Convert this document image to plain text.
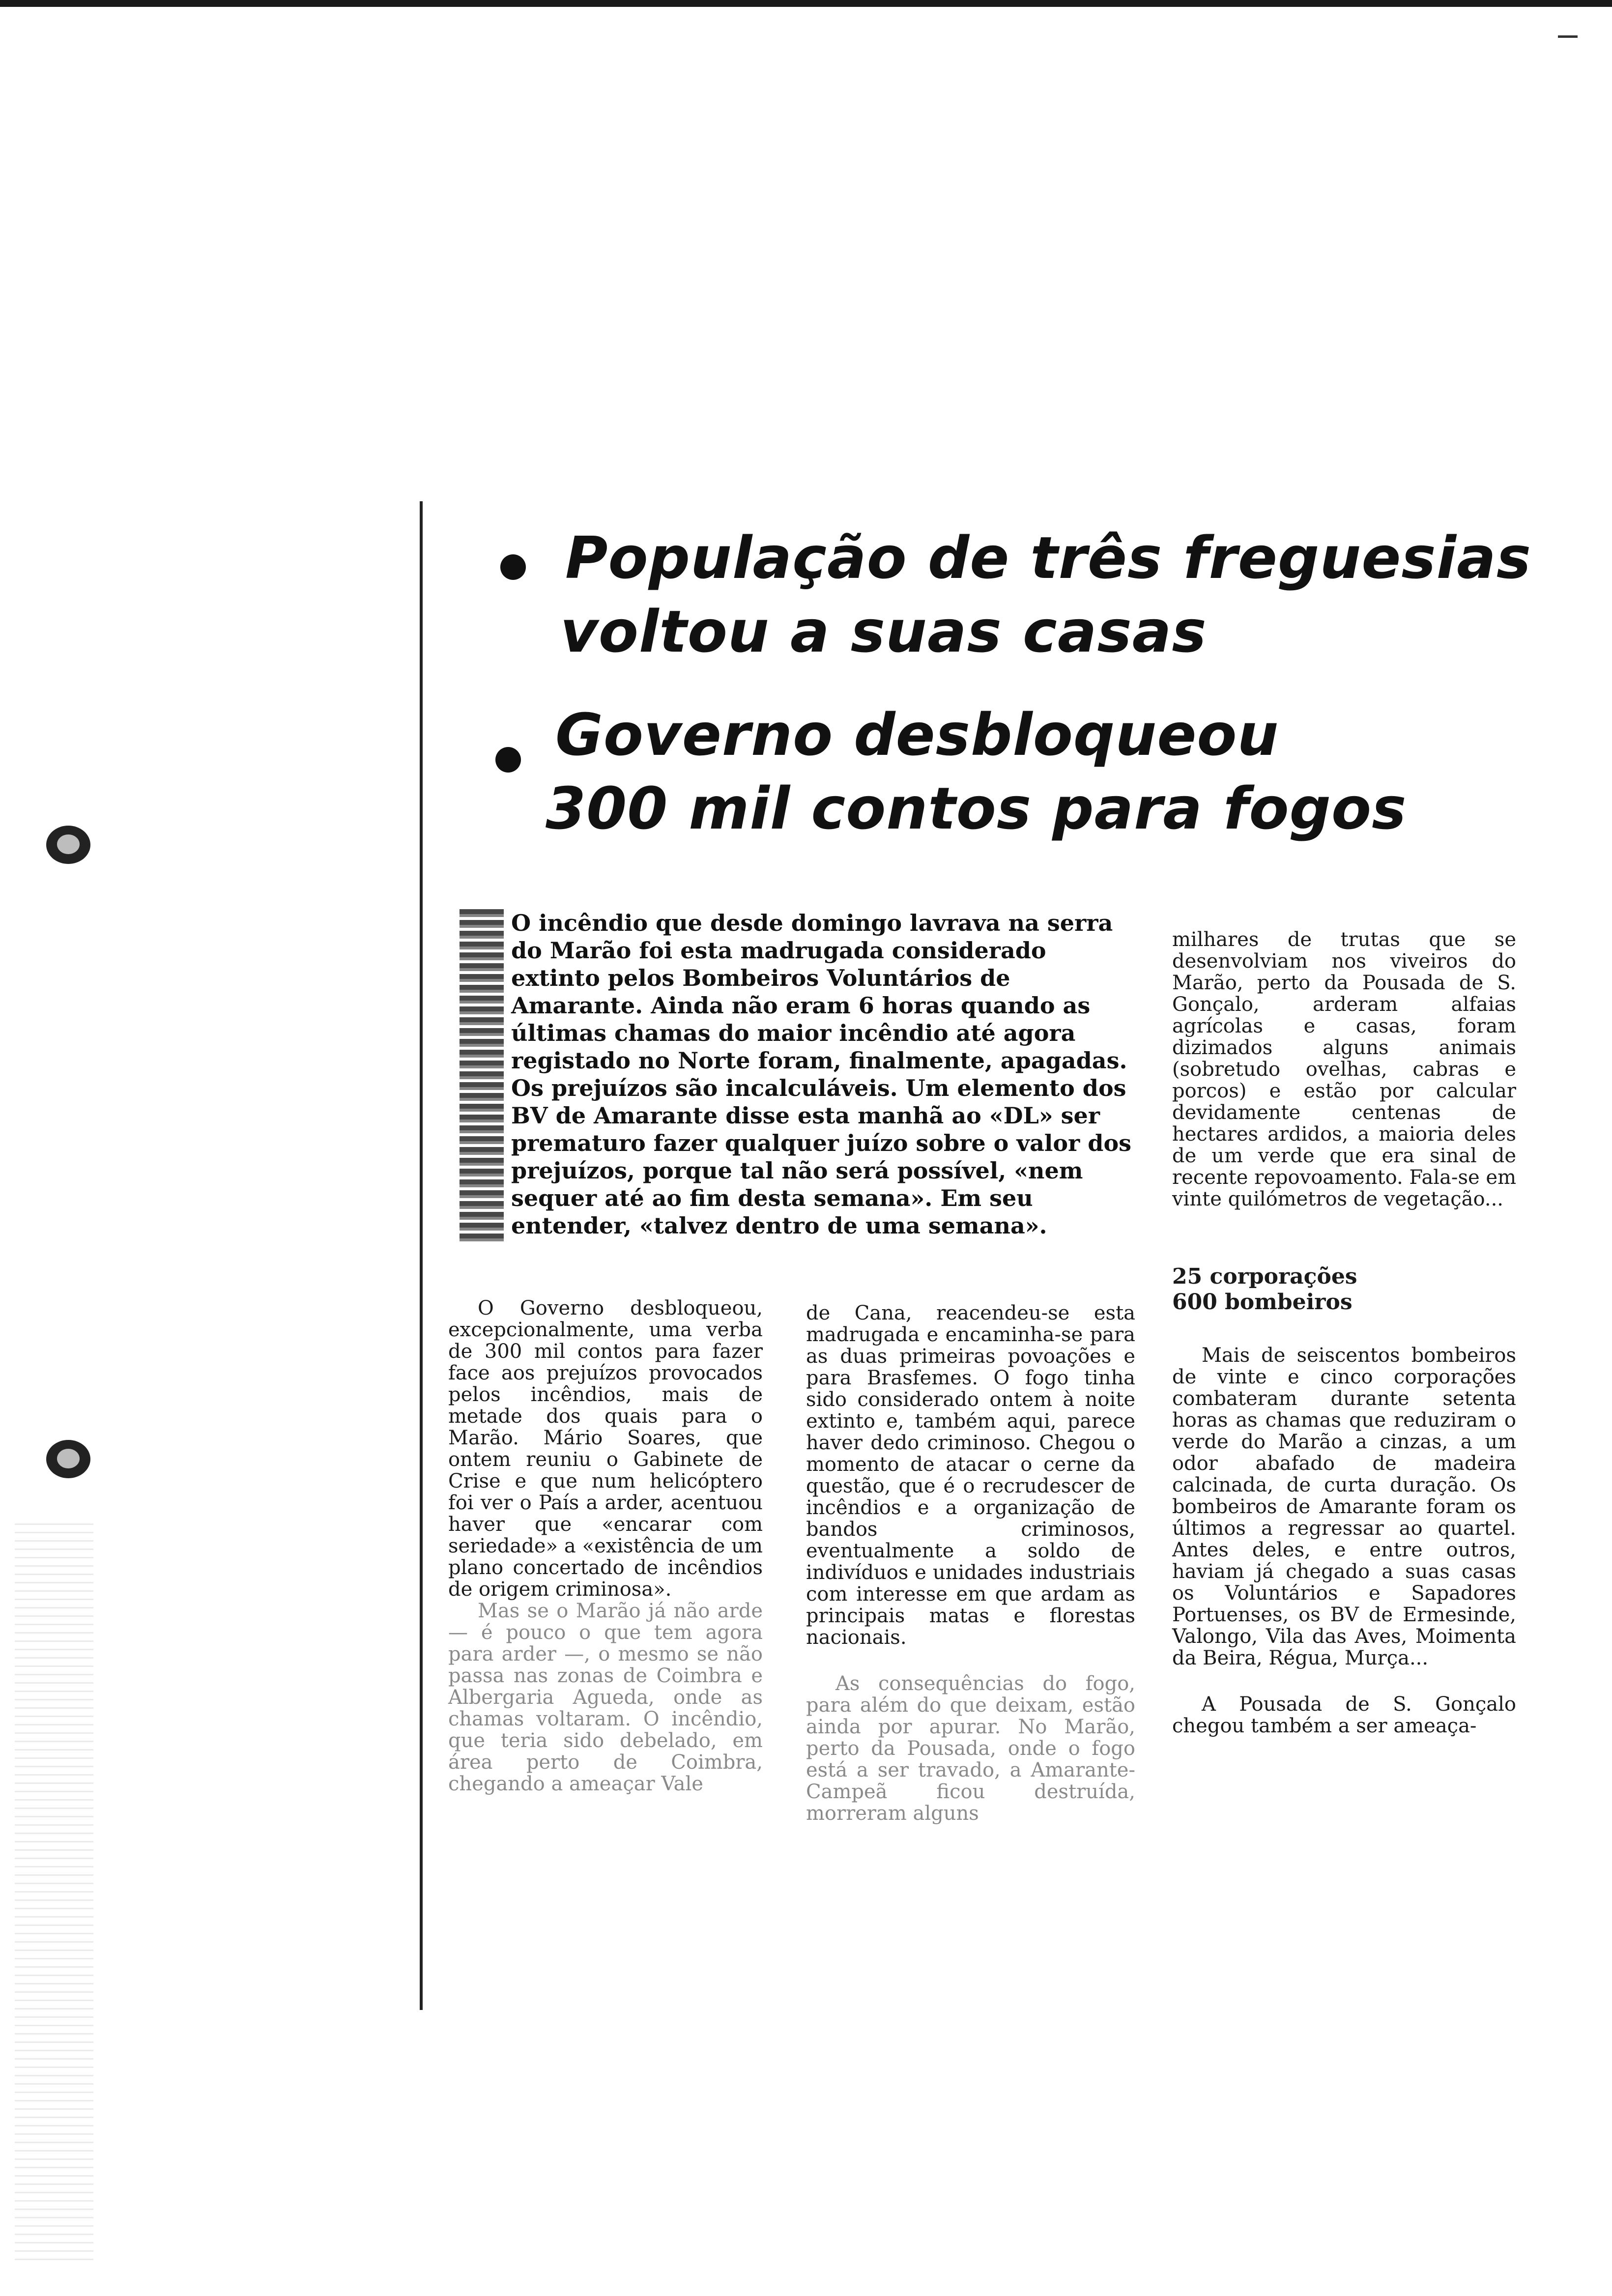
População de três freguesias
voltou a suas casas
Governo desbloqueou
300 mil contos para fogos

O incêndio que desde domingo lavrava na serra do Marão foi esta madrugada considerado extinto pelos Bombeiros Voluntários de Amarante. Ainda não eram 6 horas quando as últimas chamas do maior incêndio até agora registado no Norte foram, finalmente, apagadas. Os prejuízos são incalculáveis. Um elemento dos BV de Amarante disse esta manhã ao «DL» ser prematuro fazer qualquer juízo sobre o valor dos prejuízos, porque tal não será possível, «nem sequer até ao fim desta semana». Em seu entender, «talvez dentro de uma semana».

O Governo desbloqueou, excepcionalmente, uma verba de 300 mil contos para fazer face aos prejuízos provocados pelos incêndios, mais de metade dos quais para o Marão. Mário Soares, que ontem reuniu o Gabinete de Crise e que num helicóptero foi ver o País a arder, acentuou haver que «encarar com seriedade» a «existência de um plano concertado de incêndios de origem criminosa».

Mas se o Marão já não arde — é pouco o que tem agora para arder —, o mesmo se não passa nas zonas de Coimbra e Albergaria Agueda, onde as chamas voltaram. O incêndio, que teria sido debelado, em área perto de Coimbra, chegando a ameaçar Vale

de Cana, reacendeu-se esta madrugada e encaminha-se para as duas primeiras povoações e para Brasfemes. O fogo tinha sido considerado ontem à noite extinto e, também aqui, parece haver dedo criminoso. Chegou o momento de atacar o cerne da questão, que é o recrudescer de incêndios e a organização de bandos criminosos, eventualmente a soldo de indivíduos e unidades industriais com interesse em que ardam as principais matas e florestas nacionais.

As consequências do fogo, para além do que deixam, estão ainda por apurar. No Marão, perto da Pousada, onde o fogo está a ser travado, a Amarante-Campeã ficou destruída, morreram alguns

milhares de trutas que se desenvolviam nos viveiros do Marão, perto da Pousada de S. Gonçalo, arderam alfaias agrícolas e casas, foram dizimados alguns animais (sobretudo ovelhas, cabras e porcos) e estão por calcular devidamente centenas de hectares ardidos, a maioria deles de um verde que era sinal de recente repovoamento. Fala-se em vinte quilómetros de vegetação...

25 corporações
600 bombeiros

Mais de seiscentos bombeiros de vinte e cinco corporações combateram durante setenta horas as chamas que reduziram o verde do Marão a cinzas, a um odor abafado de madeira calcinada, de curta duração. Os bombeiros de Amarante foram os últimos a regressar ao quartel. Antes deles, e entre outros, haviam já chegado a suas casas os Voluntários e Sapadores Portuenses, os BV de Ermesinde, Valongo, Vila das Aves, Moimenta da Beira, Régua, Murça...

A Pousada de S. Gonçalo chegou também a ser ameaça-
